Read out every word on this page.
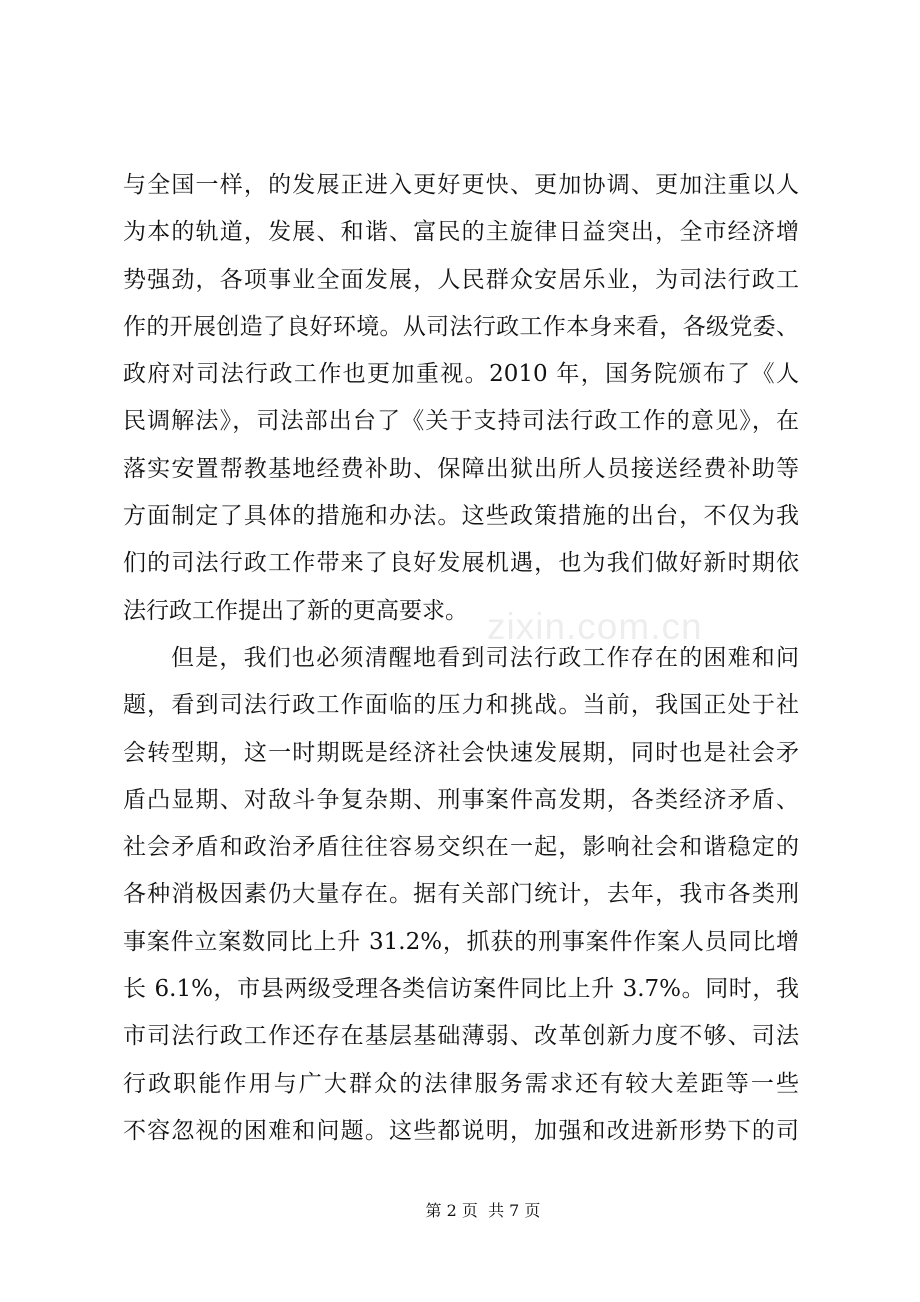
zixin.com.cn
与全国一样，的发展正进入更好更快、更加协调、更加注重以人
为本的轨道，发展、和谐、富民的主旋律日益突出，全市经济增
势强劲，各项事业全面发展，人民群众安居乐业，为司法行政工
作的开展创造了良好环境。从司法行政工作本身来看，各级党委、
政府对司法行政工作也更加重视。2010 年，国务院颁布了《人
民调解法》，司法部出台了《关于支持司法行政工作的意见》，在
落实安置帮教基地经费补助、保障出狱出所人员接送经费补助等
方面制定了具体的措施和办法。这些政策措施的出台，不仅为我
们的司法行政工作带来了良好发展机遇，也为我们做好新时期依
法行政工作提出了新的更高要求。
但是，我们也必须清醒地看到司法行政工作存在的困难和问
题，看到司法行政工作面临的压力和挑战。当前，我国正处于社
会转型期，这一时期既是经济社会快速发展期，同时也是社会矛
盾凸显期、对敌斗争复杂期、刑事案件高发期，各类经济矛盾、
社会矛盾和政治矛盾往往容易交织在一起，影响社会和谐稳定的
各种消极因素仍大量存在。据有关部门统计，去年，我市各类刑
事案件立案数同比上升 31.2%，抓获的刑事案件作案人员同比增
长 6.1%，市县两级受理各类信访案件同比上升 3.7%。同时，我
市司法行政工作还存在基层基础薄弱、改革创新力度不够、司法
行政职能作用与广大群众的法律服务需求还有较大差距等一些
不容忽视的困难和问题。这些都说明，加强和改进新形势下的司
第 2 页  共 7 页
